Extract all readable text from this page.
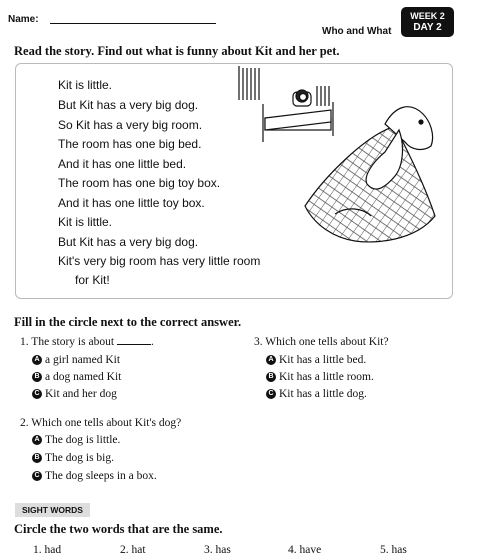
Name:
Who and What
WEEK 2
DAY 2
Read the story. Find out what is funny about Kit and her pet.
Kit is little.
But Kit has a very big dog.
So Kit has a very big room.
The room has one big bed.
And it has one little bed.
The room has one big toy box.
And it has one little toy box.
Kit is little.
But Kit has a very big dog.
Kit's very big room has very little room
for Kit!
Fill in the circle next to the correct answer.
1. The story is about	.
A a girl named Kit
B a dog named Kit
C Kit and her dog
2. Which one tells about Kit's dog?
A The dog is little.
B The dog is big.
C The dog sleeps in a box.
3. Which one tells about Kit?
A Kit has a little bed.
B Kit has a little room.
C Kit has a little dog.
SIGHT WORDS
Circle the two words that are the same.
1. had	2. hat	3. has	4. have	5. has
